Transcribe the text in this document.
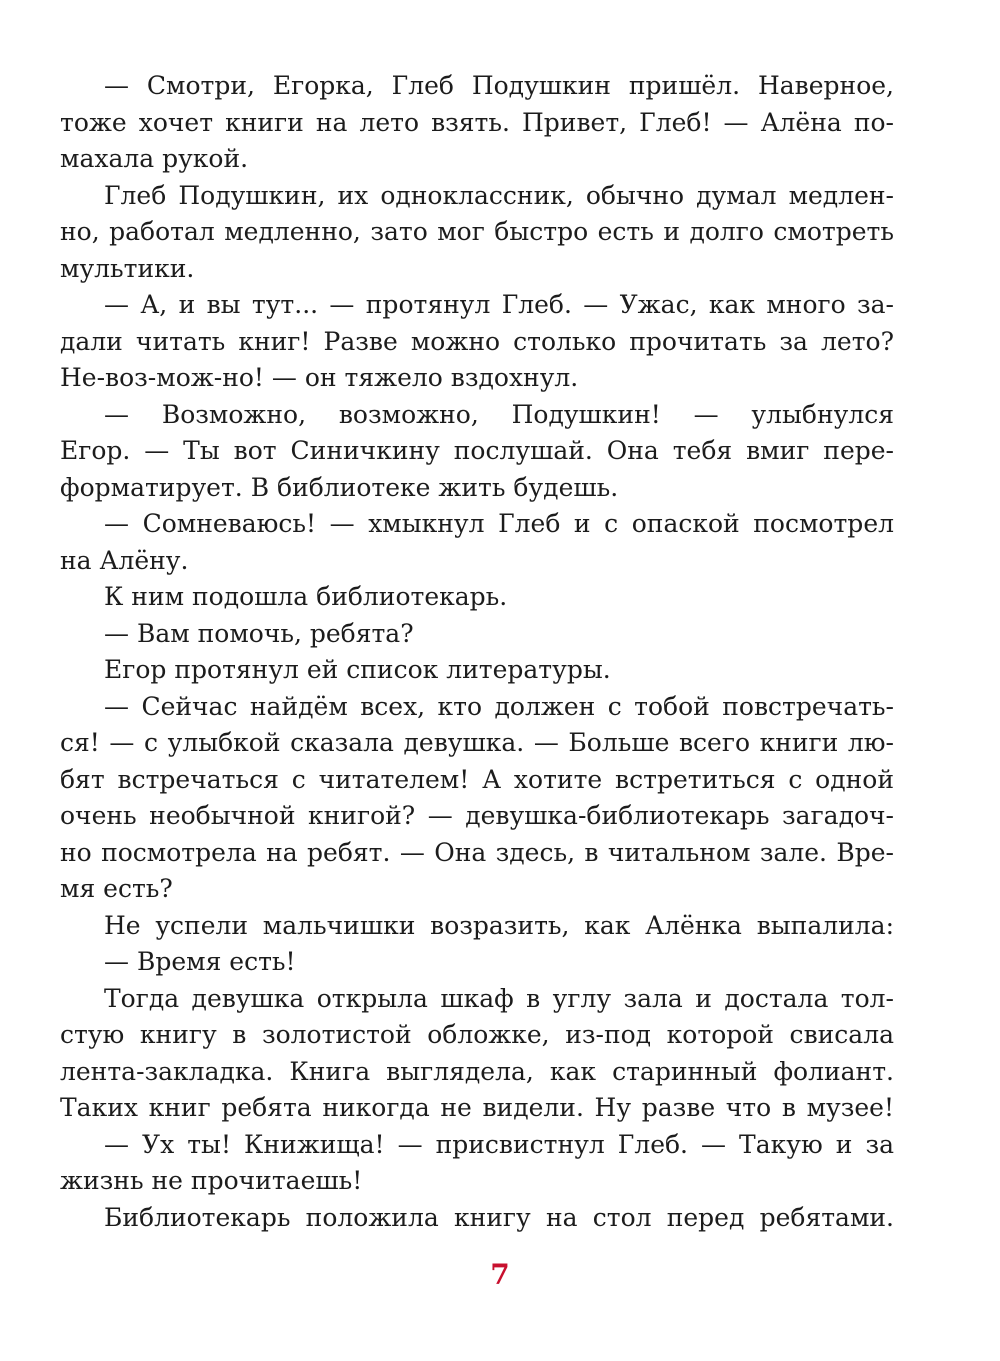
— Смотри, Егорка, Глеб Подушкин пришёл. Наверное,
тоже хочет книги на лето взять. Привет, Глеб! — Алёна по-
махала рукой.
Глеб Подушкин, их одноклассник, обычно думал медлен-
но, работал медленно, зато мог быстро есть и долго смотреть
мультики.
— А, и вы тут... — протянул Глеб. — Ужас, как много за-
дали читать книг! Разве можно столько прочитать за лето?
Не-воз-мож-но! — он тяжело вздохнул.
— Возможно, возможно, Подушкин! — улыбнулся
Егор. — Ты вот Синичкину послушай. Она тебя вмиг пере-
форматирует. В библиотеке жить будешь.
— Сомневаюсь! — хмыкнул Глеб и с опаской посмотрел
на Алёну.
К ним подошла библиотекарь.
— Вам помочь, ребята?
Егор протянул ей список литературы.
— Сейчас найдём всех, кто должен с тобой повстречать-
ся! — с улыбкой сказала девушка. — Больше всего книги лю-
бят встречаться с читателем! А хотите встретиться с одной
очень необычной книгой? — девушка-библиотекарь загадоч-
но посмотрела на ребят. — Она здесь, в читальном зале. Вре-
мя есть?
Не успели мальчишки возразить, как Алёнка выпалила:
— Время есть!
Тогда девушка открыла шкаф в углу зала и достала тол-
стую книгу в золотистой обложке, из-под которой свисала
лента-закладка. Книга выглядела, как старинный фолиант.
Таких книг ребята никогда не видели. Ну разве что в музее!
— Ух ты! Книжища! — присвистнул Глеб. — Такую и за
жизнь не прочитаешь!
Библиотекарь положила книгу на стол перед ребятами.
7
